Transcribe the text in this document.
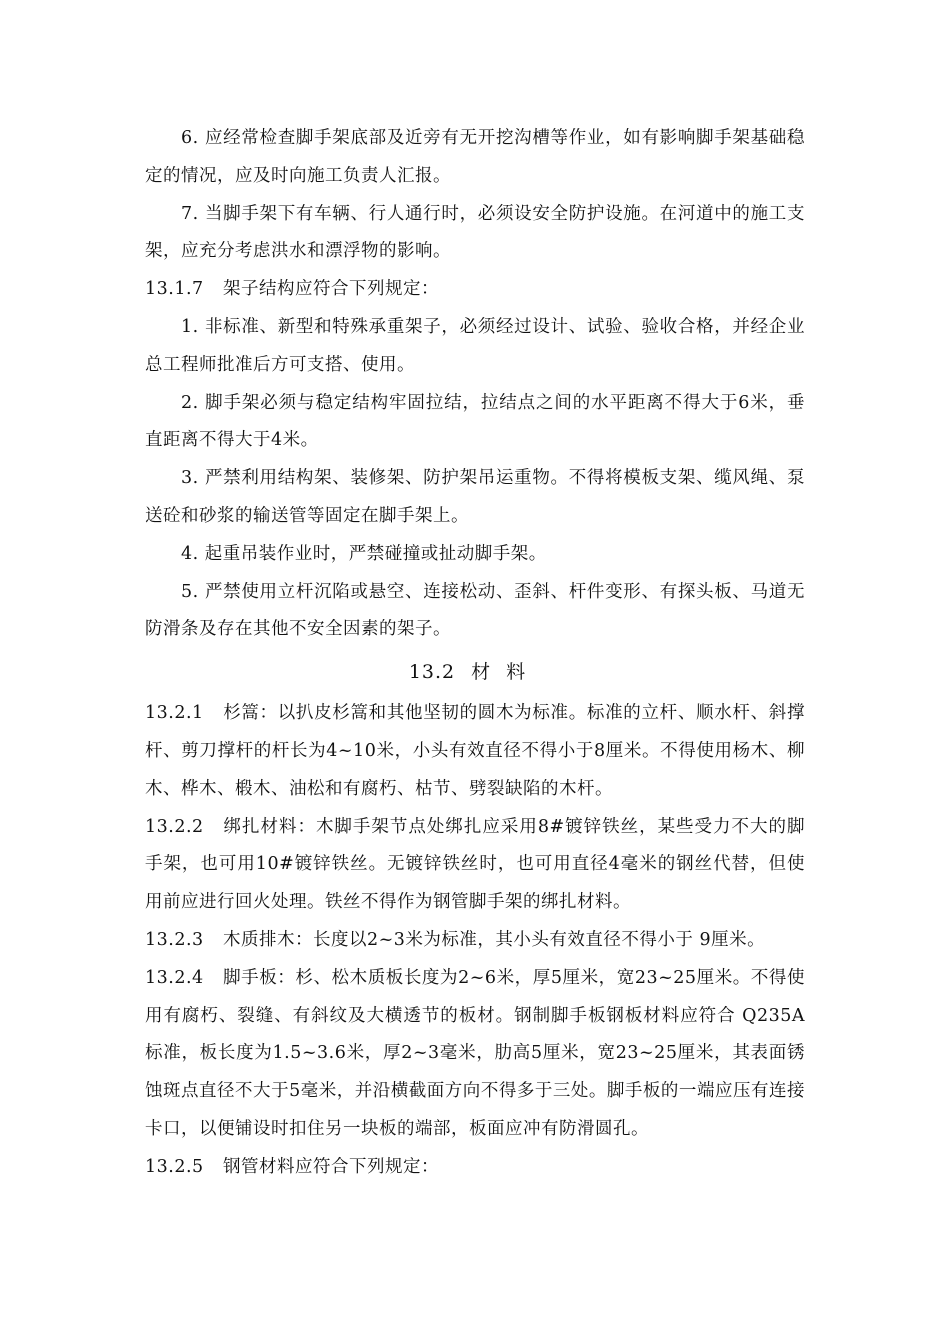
6. 应经常检查脚手架底部及近旁有无开挖沟槽等作业，如有影响脚手架基础稳定的情况，应及时向施工负责人汇报。

7. 当脚手架下有车辆、行人通行时，必须设安全防护设施。在河道中的施工支架，应充分考虑洪水和漂浮物的影响。

13.1.7 架子结构应符合下列规定：

1. 非标准、新型和特殊承重架子，必须经过设计、试验、验收合格，并经企业总工程师批准后方可支搭、使用。

2. 脚手架必须与稳定结构牢固拉结，拉结点之间的水平距离不得大于6米，垂直距离不得大于4米。

3. 严禁利用结构架、装修架、防护架吊运重物。不得将模板支架、缆风绳、泵送砼和砂浆的输送管等固定在脚手架上。

4. 起重吊装作业时，严禁碰撞或扯动脚手架。

5. 严禁使用立杆沉陷或悬空、连接松动、歪斜、杆件变形、有探头板、马道无防滑条及存在其他不安全因素的架子。

13.2 材料

13.2.1 杉篙：以扒皮杉篙和其他坚韧的圆木为标准。标准的立杆、顺水杆、斜撑杆、剪刀撑杆的杆长为4~10米，小头有效直径不得小于8厘米。不得使用杨木、柳木、桦木、椴木、油松和有腐朽、枯节、劈裂缺陷的木杆。

13.2.2 绑扎材料：木脚手架节点处绑扎应采用8#镀锌铁丝，某些受力不大的脚手架，也可用10#镀锌铁丝。无镀锌铁丝时，也可用直径4毫米的钢丝代替，但使用前应进行回火处理。铁丝不得作为钢管脚手架的绑扎材料。

13.2.3 木质排木：长度以2~3米为标准，其小头有效直径不得小于 9厘米。

13.2.4 脚手板：杉、松木质板长度为2~6米，厚5厘米，宽23~25厘米。不得使用有腐朽、裂缝、有斜纹及大横透节的板材。钢制脚手板钢板材料应符合 Q235A标准，板长度为1.5~3.6米，厚2~3毫米，肋高5厘米，宽23~25厘米，其表面锈蚀斑点直径不大于5毫米，并沿横截面方向不得多于三处。脚手板的一端应压有连接卡口，以便铺设时扣住另一块板的端部，板面应冲有防滑圆孔。

13.2.5 钢管材料应符合下列规定：
